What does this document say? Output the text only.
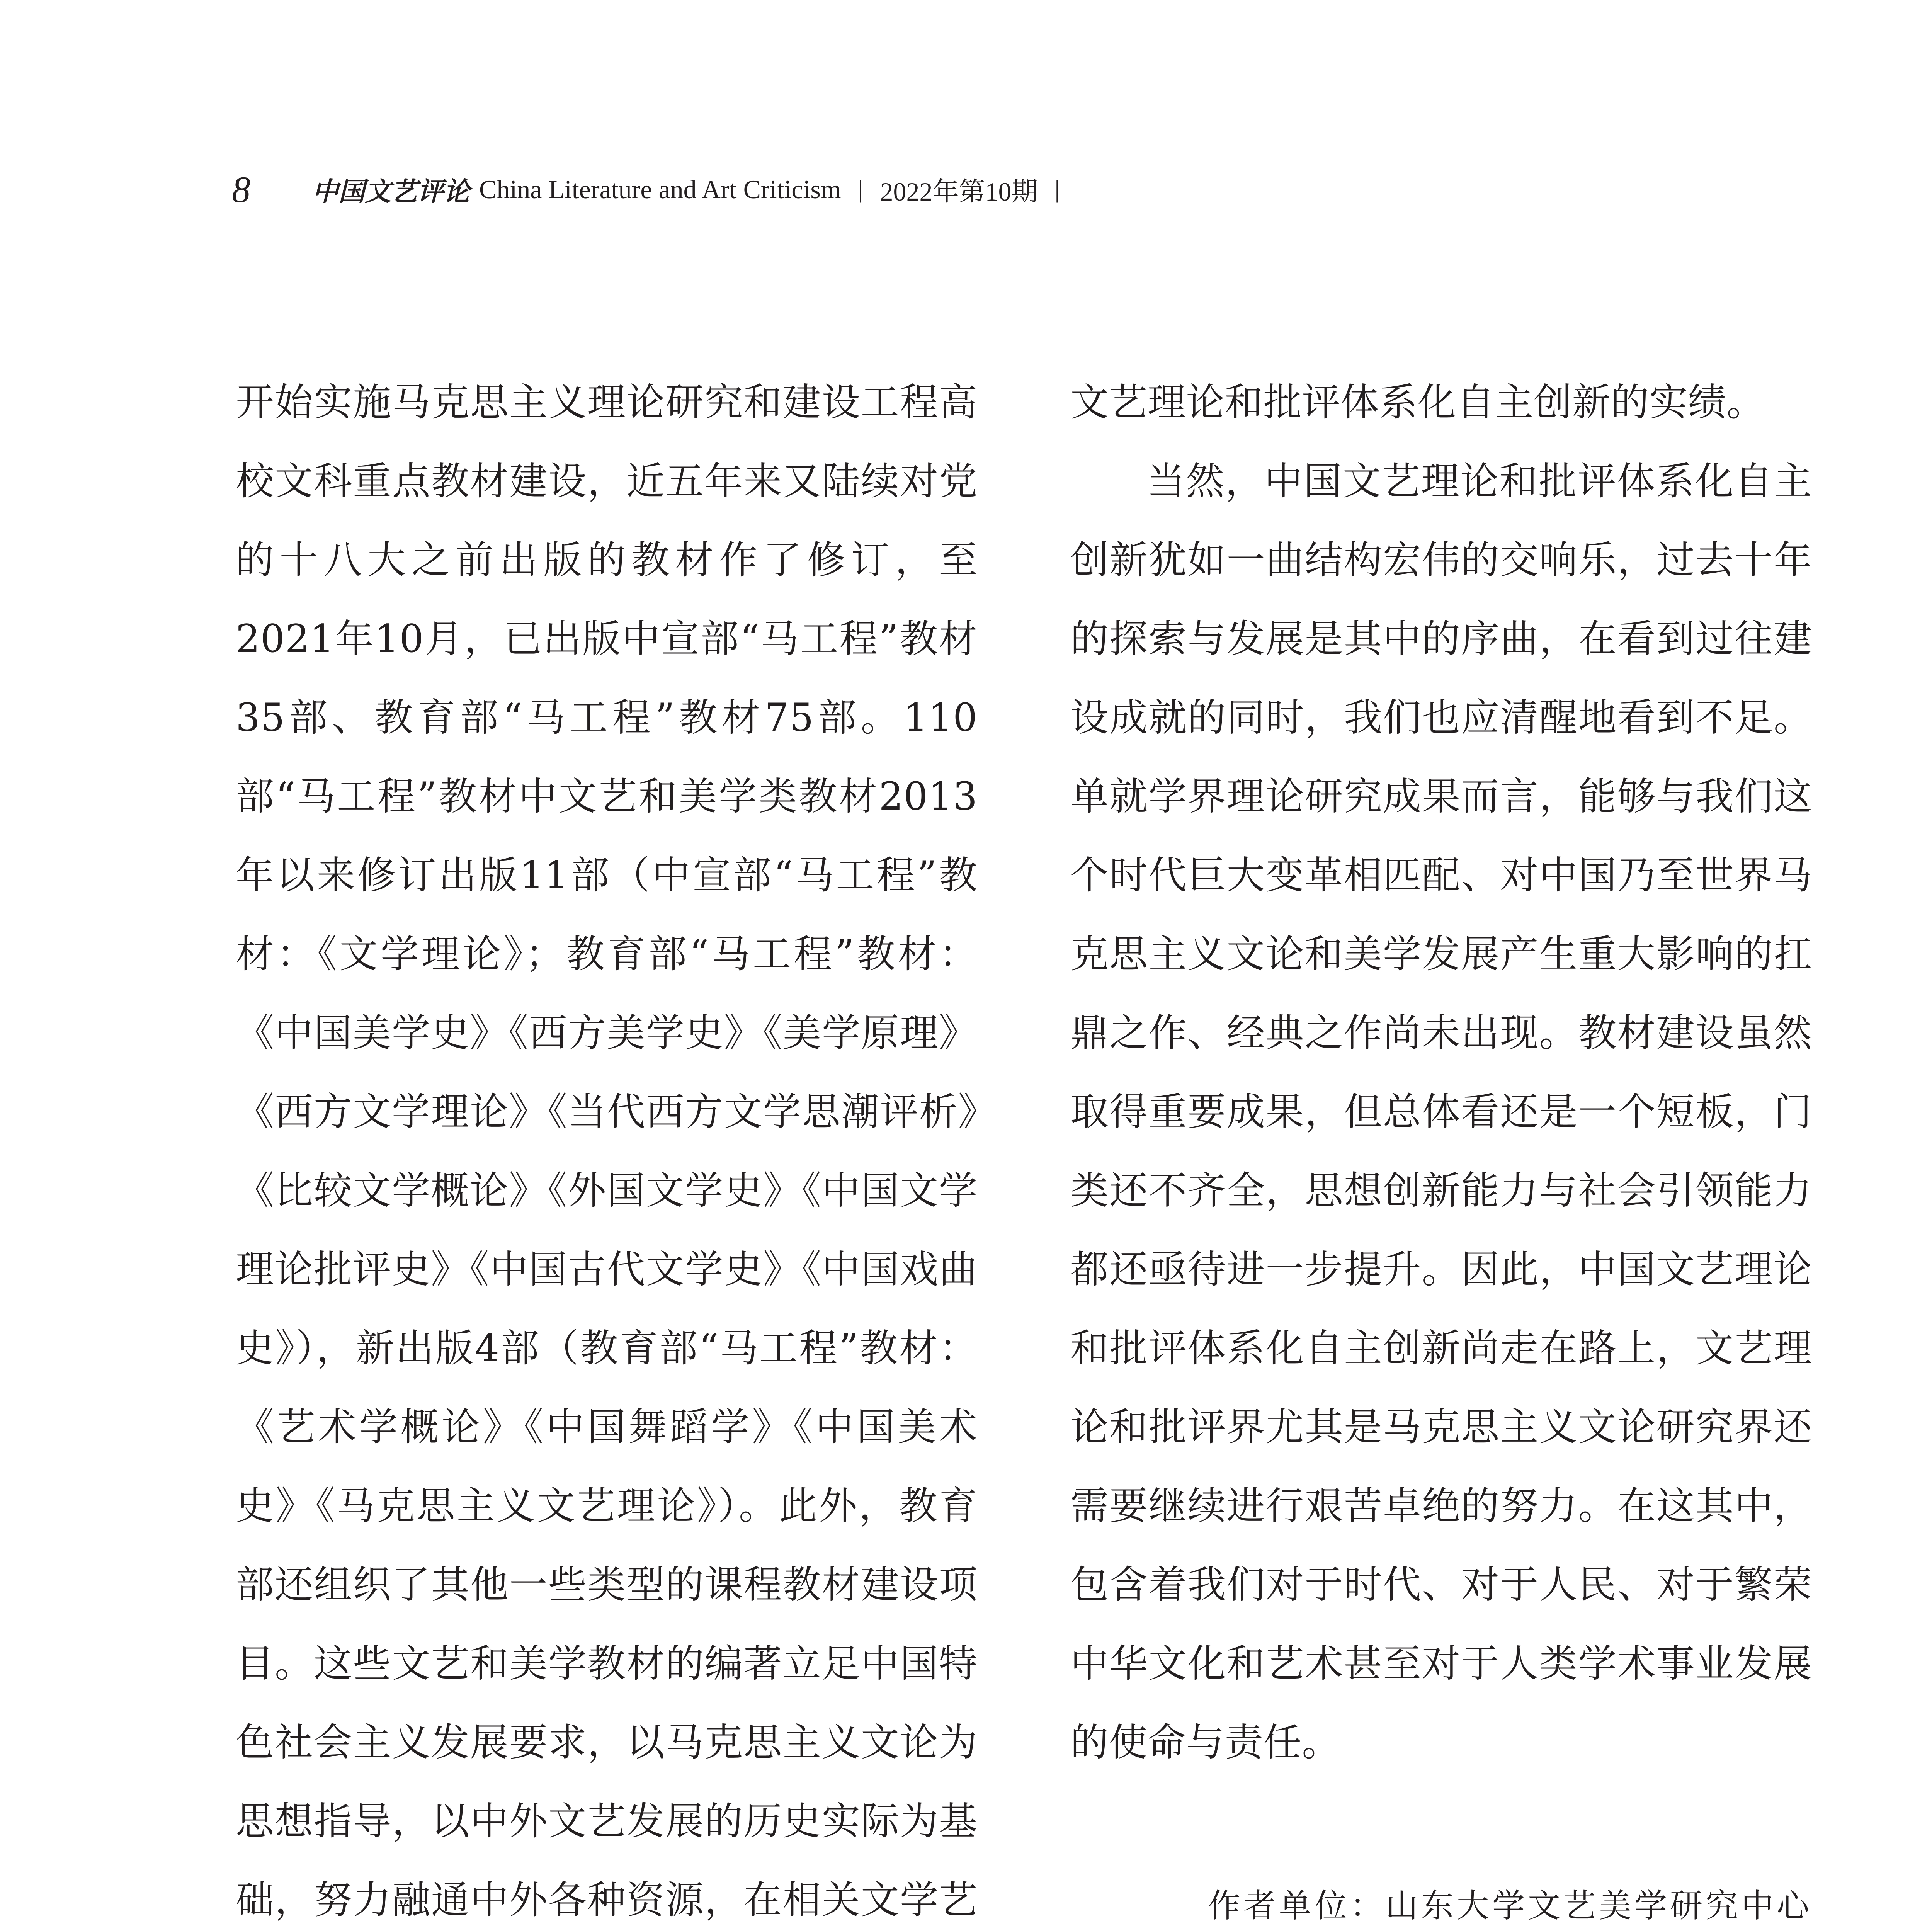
8 中国文艺评论 China Literature and Art Criticism | 2022年第10期 |

开始实施马克思主义理论研究和建设工程高校文科重点教材建设，近五年来又陆续对党的十八大之前出版的教材作了修订，至2021年10月，已出版中宣部“马工程”教材35部、教育部“马工程”教材75部。110部“马工程”教材中文艺和美学类教材2013年以来修订出版11部（中宣部“马工程”教材：《文学理论》；教育部“马工程”教材：《中国美学史》《西方美学史》《美学原理》《西方文学理论》《当代西方文学思潮评析》《比较文学概论》《外国文学史》《中国文学理论批评史》《中国古代文学史》《中国戏曲史》），新出版4部（教育部“马工程”教材：《艺术学概论》《中国舞蹈学》《中国美术史》《马克思主义文艺理论》）。此外，教育部还组织了其他一些类型的课程教材建设项目。这些文艺和美学教材的编著立足中国特色社会主义发展要求，以马克思主义文论为思想指导，以中外文艺发展的历史实际为基础，努力融通中外各种资源，在相关文学艺

文艺理论和批评体系化自主创新的实绩。

当然，中国文艺理论和批评体系化自主创新犹如一曲结构宏伟的交响乐，过去十年的探索与发展是其中的序曲，在看到过往建设成就的同时，我们也应清醒地看到不足。单就学界理论研究成果而言，能够与我们这个时代巨大变革相匹配、对中国乃至世界马克思主义文论和美学发展产生重大影响的扛鼎之作、经典之作尚未出现。教材建设虽然取得重要成果，但总体看还是一个短板，门类还不齐全，思想创新能力与社会引领能力都还亟待进一步提升。因此，中国文艺理论和批评体系化自主创新尚走在路上，文艺理论和批评界尤其是马克思主义文论研究界还需要继续进行艰苦卓绝的努力。在这其中，包含着我们对于时代、对于人民、对于繁荣中华文化和艺术甚至对于人类学术事业发展的使命与责任。

作者单位：山东大学文艺美学研究中心
